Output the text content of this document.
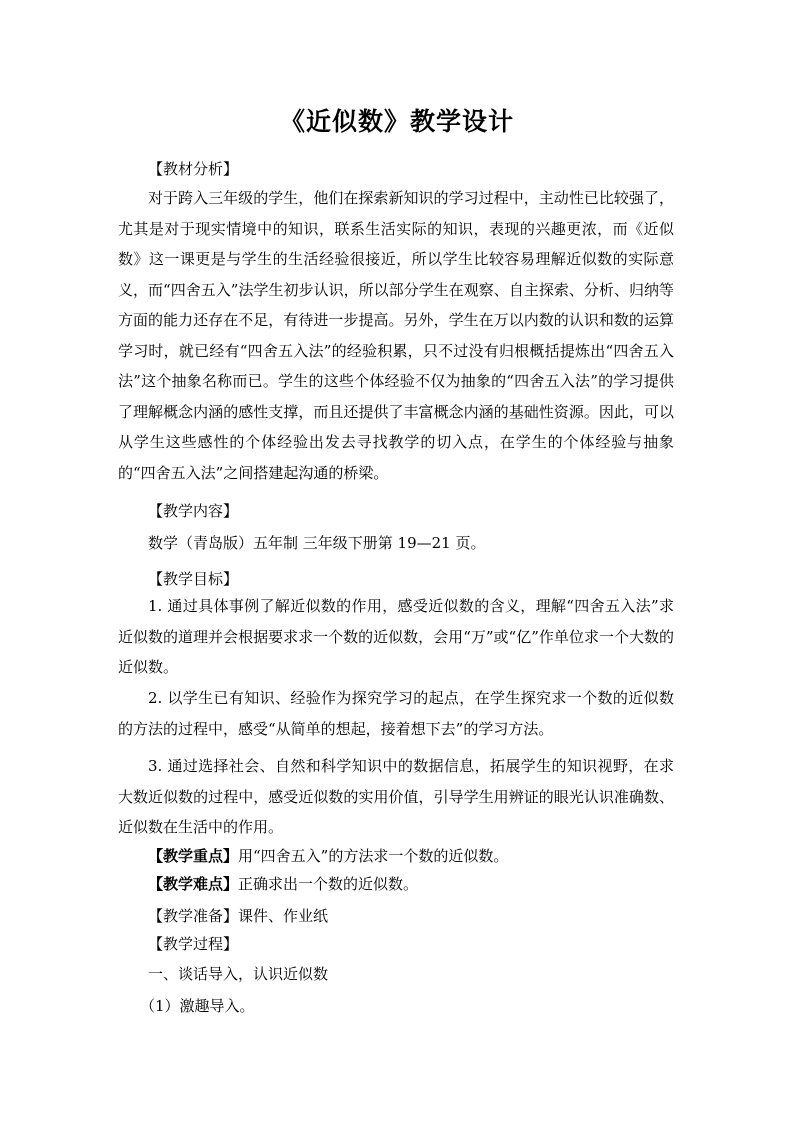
《近似数》教学设计
【教材分析】
对于跨入三年级的学生，他们在探索新知识的学习过程中，主动性已比较强了，尤其是对于现实情境中的知识，联系生活实际的知识，表现的兴趣更浓，而《近似数》这一课更是与学生的生活经验很接近，所以学生比较容易理解近似数的实际意义，而“四舍五入”法学生初步认识，所以部分学生在观察、自主探索、分析、归纳等方面的能力还存在不足，有待进一步提高。另外，学生在万以内数的认识和数的运算学习时，就已经有“四舍五入法”的经验积累，只不过没有归根概括提炼出“四舍五入法”这个抽象名称而已。学生的这些个体经验不仅为抽象的“四舍五入法”的学习提供了理解概念内涵的感性支撑，而且还提供了丰富概念内涵的基础性资源。因此，可以从学生这些感性的个体经验出发去寻找教学的切入点，在学生的个体经验与抽象的“四舍五入法”之间搭建起沟通的桥梁。
【教学内容】
数学（青岛版）五年制 三年级下册第 19—21 页。
【教学目标】
1. 通过具体事例了解近似数的作用，感受近似数的含义，理解“四舍五入法”求近似数的道理并会根据要求求一个数的近似数，会用“万”或“亿”作单位求一个大数的近似数。
2. 以学生已有知识、经验作为探究学习的起点，在学生探究求一个数的近似数的方法的过程中，感受“从简单的想起，接着想下去”的学习方法。
3. 通过选择社会、自然和科学知识中的数据信息，拓展学生的知识视野，在求大数近似数的过程中，感受近似数的实用价值，引导学生用辨证的眼光认识准确数、近似数在生活中的作用。
【教学重点】用“四舍五入”的方法求一个数的近似数。
【教学难点】正确求出一个数的近似数。
【教学准备】课件、作业纸
【教学过程】
一、谈话导入，认识近似数
（1）激趣导入。
